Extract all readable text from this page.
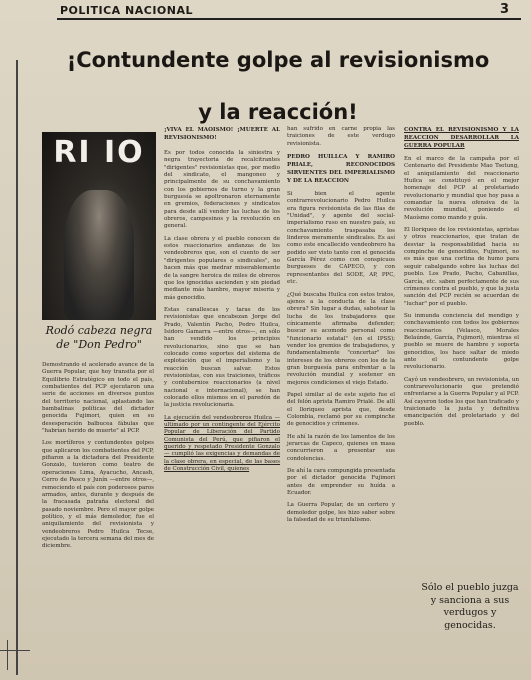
POLITICA NACIONAL	3
¡Contundente golpe al revisionismo y la reacción!
RI IO
Rodó cabeza negra de "Don Pedro"

Demostrando el acelerado avance de la Guerra Popular, que hoy transita por el Equilibrio Estratégico en todo el país, combatientes del PCP ejecutaron una serie de acciones en diversos puntos del territorio nacional, aplastando las bambalinas políticas del dictador genocida Fujimori, quien en su desesperación balbucea fábulas que "habrían herido de muerte" al PCP.

Los mortíferos y contundentes golpes que aplicaron los combatientes del PCP, pifiaron a la dictadura del Presidente Gonzalo, tuvieron como teatro de operaciones Lima, Ayacucho, Ancash, Cerro de Pasco y Junín —entre otros—, remeciendo el país con poderosos paros armados, antes, durante y después de la fracasada patraña electoral del pasado noviembre. Pero el mayor golpe político, y el más demoledor, fue el aniquilamiento del revisionista y vendeobreros Pedro Huilca Tecse, ejecutado la tercera semana del mes de diciembre.

¡VIVA EL MAOISMO! ¡MUERTE AL REVISIONISMO!

Es por todos conocida la siniestra y negra trayectoria de recalcitrantes "dirigentes" revisionistas que, por medio del sindicato, el mangoneo y principalmente de su conchavamiento con los gobiernos de turno y la gran burguesía se apoltronaron eternamente en gremios, federaciones y sindicatos para desde allí vender las luchas de los obreros, campesinos y la revolución en general.

La clase obrera y el pueblo conocen de estos reaccionarios andanzas de los vendeobreros que, son el cuento de ser "dirigentes populares o sindicales", no hacen más que medrar miserablemente de la sangre heroica de miles de obreros que los ignocidas ascienden y sin piedad mediante más hambre, mayor miseria y más genocidio.

Estas canallescas y taras de los revisionistas que encabezan Jorge del Prado, Valentín Pacho, Pedro Huilca, Isidoro Gamarra —entre otros—, en sólo han vendido los principios revolucionarios, sino que se han colocado como soportes del sistema de explotación que el imperialismo y la reacción buscan salvar. Estos revisionistas, con sus traiciones, tráficos y contubernios reaccionarios (a nivel nacional e internacional), se han colocado ellos mismos en el paredón de la justicia revolucionaria.

La ejecución del vendeobreros Huilca —ultimado por un contingente del Ejército Popular de Liberación del Partido Comunista del Perú, que pifiaron el querido y respetado Presidente Gonzalo— cumplió las exigencias y demandas de la clase obrera, en especial, de las bases de Construcción Civil, quienes

han sufrido en carne propia las traiciones de este verdugo revisionista.

PEDRO HUILLCA Y RAMIRO PRIALE, RECONOCIDOS SIRVIENTES DEL IMPERIALISMO Y DE LA REACCION

Si bien el agente contrarrevolucionario Pedro Huilca era figura revisionista de las filas de "Unidad", y agente del social-imperialismo ruso en nuestro país, su conchavamiento traspasaba los linderos meramente sindicales. Es así como este encallecido vendeobrero ha podido ser visto tanto con el genocida García Pérez como con conspicuos burgueses de CAPECO, y con representantes del SODE, AP, PPC, etc.

¿Qué buscaba Huilca con estos tratos, ajenos a la conducta de la clase obrera? Sin lugar a dudas, sabotear la lucha de los trabajadores que cínicamente afirmaba defender; buscar su acomodo personal como "funcionario estatal" (en el IPSS); vender los gremios de trabajadores, y fundamentalmente "concertar" los intereses de los obreros con los de la gran burguesía para enfrentar a la revolución mundial y sostener en mejores condiciones el viejo Estado.

Papel similar al de este sujeto fue el del felón aprista Ramiro Prialé. De allí el lloriqueo aprista que, desde Colombia, reclamó por su compinche de genocidios y crímenes.

He ahí la razón de los lamentos de los jerarcas de Capeco, quienes en masa concurrieron a presentar sus condolencias.

De ahí la cara compungida presentada por el dictador genocida Fujimori antes de emprender su huída a Ecuador.

La Guerra Popular, de un certero y demoledor golpe, les hizo saber sobre la falsedad de su triunfalismo.

CONTRA EL REVISIONISMO Y LA REACCION DESARROLLAR LA GUERRA POPULAR

En el marco de la campaña por el Centenario del Presidente Mao Tsetung, el aniquilamiento del reaccionario Huilca se constituyó en el mejor homenaje del PCP al proletariado revolucionario y mundial que hoy pasa a comandar la nueva ofensiva de la revolución mundial, poniendo el Maoísmo como mando y guía.

El lloriqueo de los revisionistas, apristas y otros reaccionarios, que tratan de desviar la responsabilidad hacia su compinche de genocidios, Fujimori, no es más que una cortina de humo para seguir cabalgando sobre las luchas del pueblo. Los Prado, Pacho, Cabanillas, García, etc. saben perfectamente de sus crímenes contra el pueblo, y que la justa sanción del PCP recién se acuerdan de "luchar" por el pueblo.

Su inmunda conciencia del mendigo y conchavamiento con todos los gobiernos reaccionarios (Velasco, Morales Belaúnde, García, Fujimori), mientras el pueblo se muere de hambre y soporta genocidios, los hace saltar de miedo ante el contundente golpe revolucionario.

Cayó un vendeobrero, un revisionista, un contrarevolucionario que pretendió enfrentarse a la Guerra Popular y al PCP. Así cayeron todos los que han traficado y traicionado la justa y definitiva emancipación del proletariado y del pueblo.

Sólo el pueblo juzga y sanciona a sus verdugos y genocidas.
